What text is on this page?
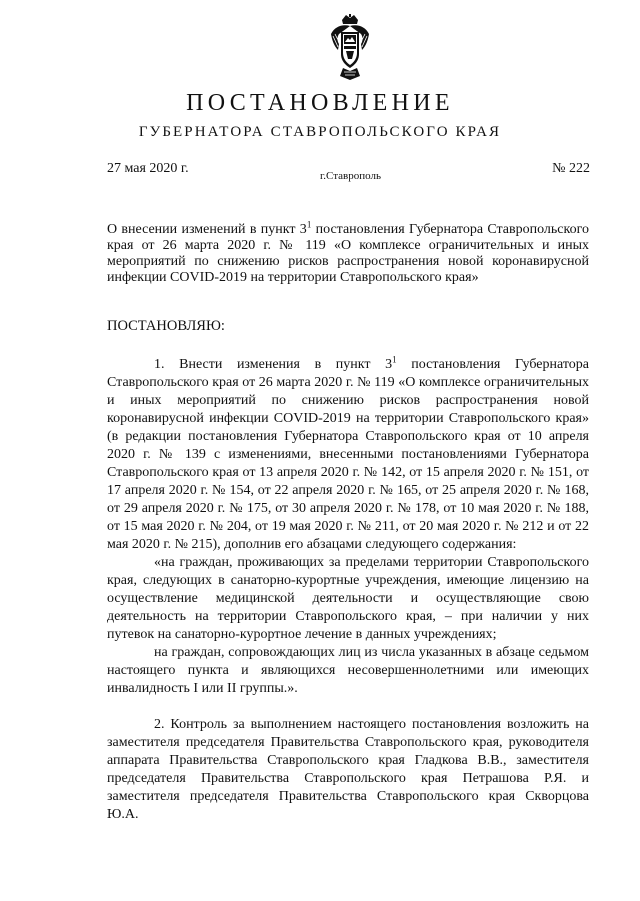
ПОСТАНОВЛЕНИЕ
ГУБЕРНАТОРА СТАВРОПОЛЬСКОГО КРАЯ
27 мая 2020 г.	г.Ставрополь	№ 222
О внесении изменений в пункт $3^1$ постановления Губернатора Ставропольского края от 26 марта 2020 г. № 119 «О комплексе ограничительных и иных мероприятий по снижению рисков распространения новой коронавирусной инфекции COVID-2019 на территории Ставропольского края»
ПОСТАНОВЛЯЮ:

1. Внести изменения в пункт $3^1$ постановления Губернатора Ставропольского края от 26 марта 2020 г. № 119 «О комплексе ограничительных и иных мероприятий по снижению рисков распространения новой коронавирусной инфекции COVID-2019 на территории Ставропольского края» (в редакции постановления Губернатора Ставропольского края от 10 апреля 2020 г. № 139 с изменениями, внесенными постановлениями Губернатора Ставропольского края от 13 апреля 2020 г. № 142, от 15 апреля 2020 г. № 151, от 17 апреля 2020 г. № 154, от 22 апреля 2020 г. № 165, от 25 апреля 2020 г. № 168, от 29 апреля 2020 г. № 175, от 30 апреля 2020 г. № 178, от 10 мая 2020 г. № 188, от 15 мая 2020 г. № 204, от 19 мая 2020 г. № 211, от 20 мая 2020 г. № 212 и от 22 мая 2020 г. № 215), дополнив его абзацами следующего содержания:

«на граждан, проживающих за пределами территории Ставропольского края, следующих в санаторно-курортные учреждения, имеющие лицензию на осуществление медицинской деятельности и осуществляющие свою деятельность на территории Ставропольского края, – при наличии у них путевок на санаторно-курортное лечение в данных учреждениях;

на граждан, сопровождающих лиц из числа указанных в абзаце седьмом настоящего пункта и являющихся несовершеннолетними или имеющих инвалидность I или II группы.».

2. Контроль за выполнением настоящего постановления возложить на заместителя председателя Правительства Ставропольского края, руководителя аппарата Правительства Ставропольского края Гладкова В.В., заместителя председателя Правительства Ставропольского края Петрашова Р.Я. и заместителя председателя Правительства Ставропольского края Скворцова Ю.А.
